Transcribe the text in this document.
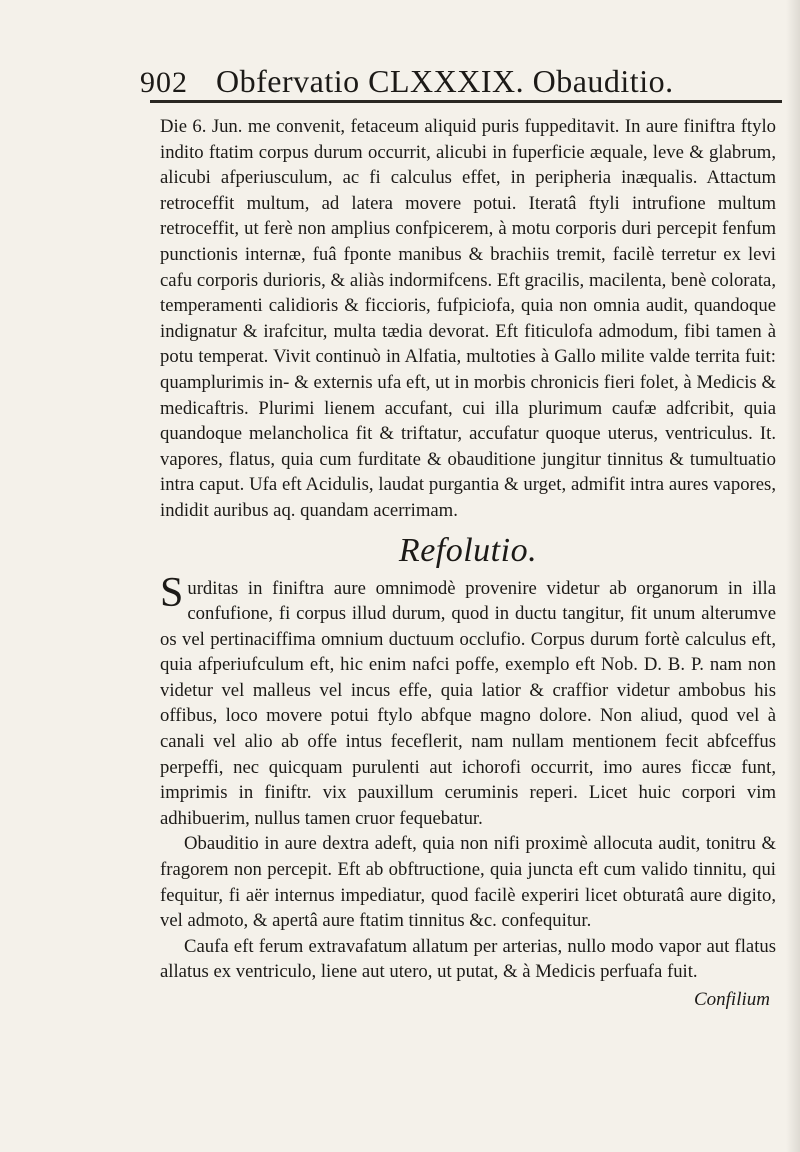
902 Obfervatio CLXXXIX. Obauditio.

Die 6. Jun. me convenit, fetaceum aliquid puris fuppeditavit. In aure finiftra ftylo indito ftatim corpus durum occurrit, alicubi in fuperficie æquale, leve & glabrum, alicubi afperiusculum, ac fi calculus effet, in peripheria inæqualis. Attactum retroceffit multum, ad latera movere potui. Iteratâ ftyli intrufione multum retroceffit, ut ferè non amplius confpicerem, à motu corporis duri percepit fenfum punctionis internæ, fuâ fponte manibus & brachiis tremit, facilè terretur ex levi cafu corporis durioris, & aliàs indormifcens. Eft gracilis, macilenta, benè colorata, temperamenti calidioris & ficcioris, fufpiciofa, quia non omnia audit, quandoque indignatur & irafcitur, multa tædia devorat. Eft fiticulofa admodum, fibi tamen à potu temperat. Vivit continuò in Alfatia, multoties à Gallo milite valde territa fuit: quamplurimis in- & externis ufa eft, ut in morbis chronicis fieri folet, à Medicis & medicaftris. Plurimi lienem accufant, cui illa plurimum caufæ adfcribit, quia quandoque melancholica fit & triftatur, accufatur quoque uterus, ventriculus. It. vapores, flatus, quia cum furditate & obauditione jungitur tinnitus & tumultuatio intra caput. Ufa eft Acidulis, laudat purgantia & urget, admifit intra aures vapores, indidit auribus aq. quandam acerrimam.

Refolutio.

Surditas in finiftra aure omnimodè provenire videtur ab organorum in illa confufione, fi corpus illud durum, quod in ductu tangitur, fit unum alterumve os vel pertinaciffima omnium ductuum occlufio. Corpus durum fortè calculus eft, quia afperiufculum eft, hic enim nafci poffe, exemplo eft Nob. D. B. P. nam non videtur vel malleus vel incus effe, quia latior & craffior videtur ambobus his offibus, loco movere potui ftylo abfque magno dolore. Non aliud, quod vel à canali vel alio ab offe intus feceflerit, nam nullam mentionem fecit abfceffus perpeffi, nec quicquam purulenti aut ichorofi occurrit, imo aures ficcæ funt, imprimis in finiftr. vix pauxillum ceruminis reperi. Licet huic corpori vim adhibuerim, nullus tamen cruor fequebatur.

Obauditio in aure dextra adeft, quia non nifi proximè allocuta audit, tonitru & fragorem non percepit. Eft ab obftructione, quia juncta eft cum valido tinnitu, qui fequitur, fi aër internus impediatur, quod facilè experiri licet obturatâ aure digito, vel admoto, & apertâ aure ftatim tinnitus &c. confequitur.

Caufa eft ferum extravafatum allatum per arterias, nullo modo vapor aut flatus allatus ex ventriculo, liene aut utero, ut putat, & à Medicis perfuafa fuit.

Confilium
